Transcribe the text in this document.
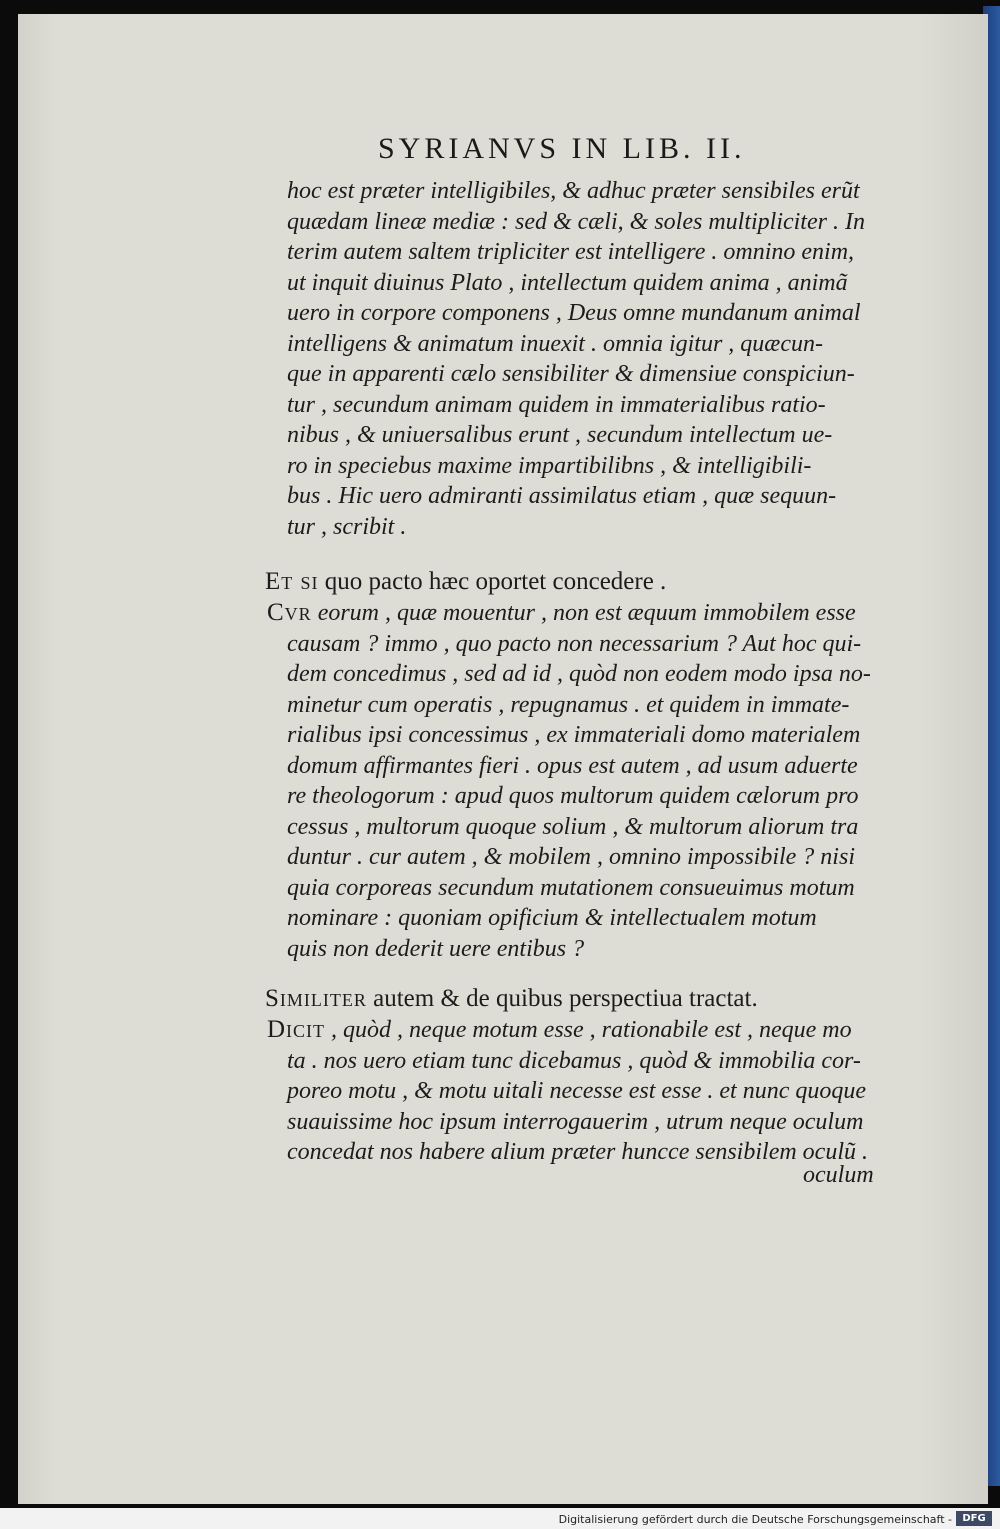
SYRIANVS IN LIB. II.
hoc est præter intelligibiles, & adhuc præter sensibiles erũt
quædam lineæ mediæ : sed & cæli, & soles multipliciter . In
terim autem saltem tripliciter est intelligere . omnino enim,
ut inquit diuinus Plato , intellectum quidem anima , animã
uero in corpore componens , Deus omne mundanum animal
intelligens & animatum inuexit . omnia igitur , quæcun-
que in apparenti cælo sensibiliter & dimensiue conspiciun-
tur , secundum animam quidem in immaterialibus ratio-
nibus , & uniuersalibus erunt , secundum intellectum ue-
ro in speciebus maxime impartibilibns , & intelligibili-
bus . Hic uero admiranti assimilatus etiam , quæ sequun-
tur , scribit .
Et si quo pacto hæc oportet concedere .
Cvr eorum , quæ mouentur , non est æquum immobilem esse
causam ? immo , quo pacto non necessarium ? Aut hoc qui-
dem concedimus , sed ad id , quòd non eodem modo ipsa no-
minetur cum operatis , repugnamus . et quidem in immate-
rialibus ipsi concessimus , ex immateriali domo materialem
domum affirmantes fieri . opus est autem , ad usum aduerte
re theologorum : apud quos multorum quidem cælorum pro
cessus , multorum quoque solium , & multorum aliorum tra
duntur . cur autem , & mobilem , omnino impossibile ? nisi
quia corporeas secundum mutationem consueuimus motum
nominare : quoniam opificium & intellectualem motum
quis non dederit uere entibus ?
Similiter autem & de quibus perspectiua tractat.
Dicit , quòd , neque motum esse , rationabile est , neque mo
ta . nos uero etiam tunc dicebamus , quòd & immobilia cor-
poreo motu , & motu uitali necesse est esse . et nunc quoque
suauissime hoc ipsum interrogauerim , utrum neque oculum
concedat nos habere alium præter huncce sensibilem oculũ .
oculum
Digitalisierung gefördert durch die Deutsche Forschungsgemeinschaft -	DFG
